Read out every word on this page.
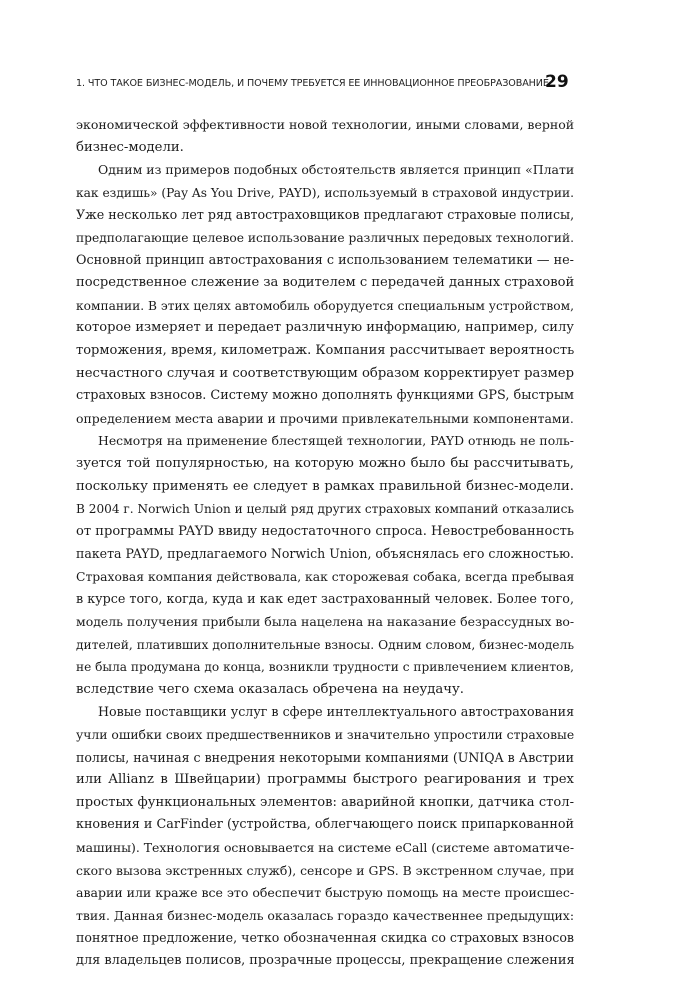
1. ЧТО ТАКОЕ БИЗНЕС-МОДЕЛЬ, И ПОЧЕМУ ТРЕБУЕТСЯ ЕЕ ИННОВАЦИОННОЕ ПРЕОБРАЗОВАНИЕ
29
экономической эффективности новой технологии, иными словами, верной
бизнес-модели.
Одним из примеров подобных обстоятельств является принцип «Плати
как ездишь» (Pay As You Drive, PAYD), используемый в страховой индустрии.
Уже несколько лет ряд автостраховщиков предлагают страховые полисы,
предполагающие целевое использование различных передовых технологий.
Основной принцип автострахования с использованием телематики — не-
посредственное слежение за водителем с передачей данных страховой
компании. В этих целях автомобиль оборудуется специальным устройством,
которое измеряет и передает различную информацию, например, силу
торможения, время, километраж. Компания рассчитывает вероятность
несчастного случая и соответствующим образом корректирует размер
страховых взносов. Систему можно дополнять функциями GPS, быстрым
определением места аварии и прочими привлекательными компонентами.
Несмотря на применение блестящей технологии, PAYD отнюдь не поль-
зуется той популярностью, на которую можно было бы рассчитывать,
поскольку применять ее следует в рамках правильной бизнес-модели.
В 2004 г. Norwich Union и целый ряд других страховых компаний отказались
от программы PAYD ввиду недостаточного спроса. Невостребованность
пакета PAYD, предлагаемого Norwich Union, объяснялась его сложностью.
Страховая компания действовала, как сторожевая собака, всегда пребывая
в курсе того, когда, куда и как едет застрахованный человек. Более того,
модель получения прибыли была нацелена на наказание безрассудных во-
дителей, плативших дополнительные взносы. Одним словом, бизнес-модель
не была продумана до конца, возникли трудности с привлечением клиентов,
вследствие чего схема оказалась обречена на неудачу.
Новые поставщики услуг в сфере интеллектуального автострахования
учли ошибки своих предшественников и значительно упростили страховые
полисы, начиная с внедрения некоторыми компаниями (UNIQA в Австрии
или Allianz в Швейцарии) программы быстрого реагирования и трех
простых функциональных элементов: аварийной кнопки, датчика стол-
кновения и CarFinder (устройства, облегчающего поиск припаркованной
машины). Технология основывается на системе eCall (системе автоматиче-
ского вызова экстренных служб), сенсоре и GPS. В экстренном случае, при
аварии или краже все это обеспечит быструю помощь на месте происшес-
твия. Данная бизнес-модель оказалась гораздо качественнее предыдущих:
понятное предложение, четко обозначенная скидка со страховых взносов
для владельцев полисов, прозрачные процессы, прекращение слежения
